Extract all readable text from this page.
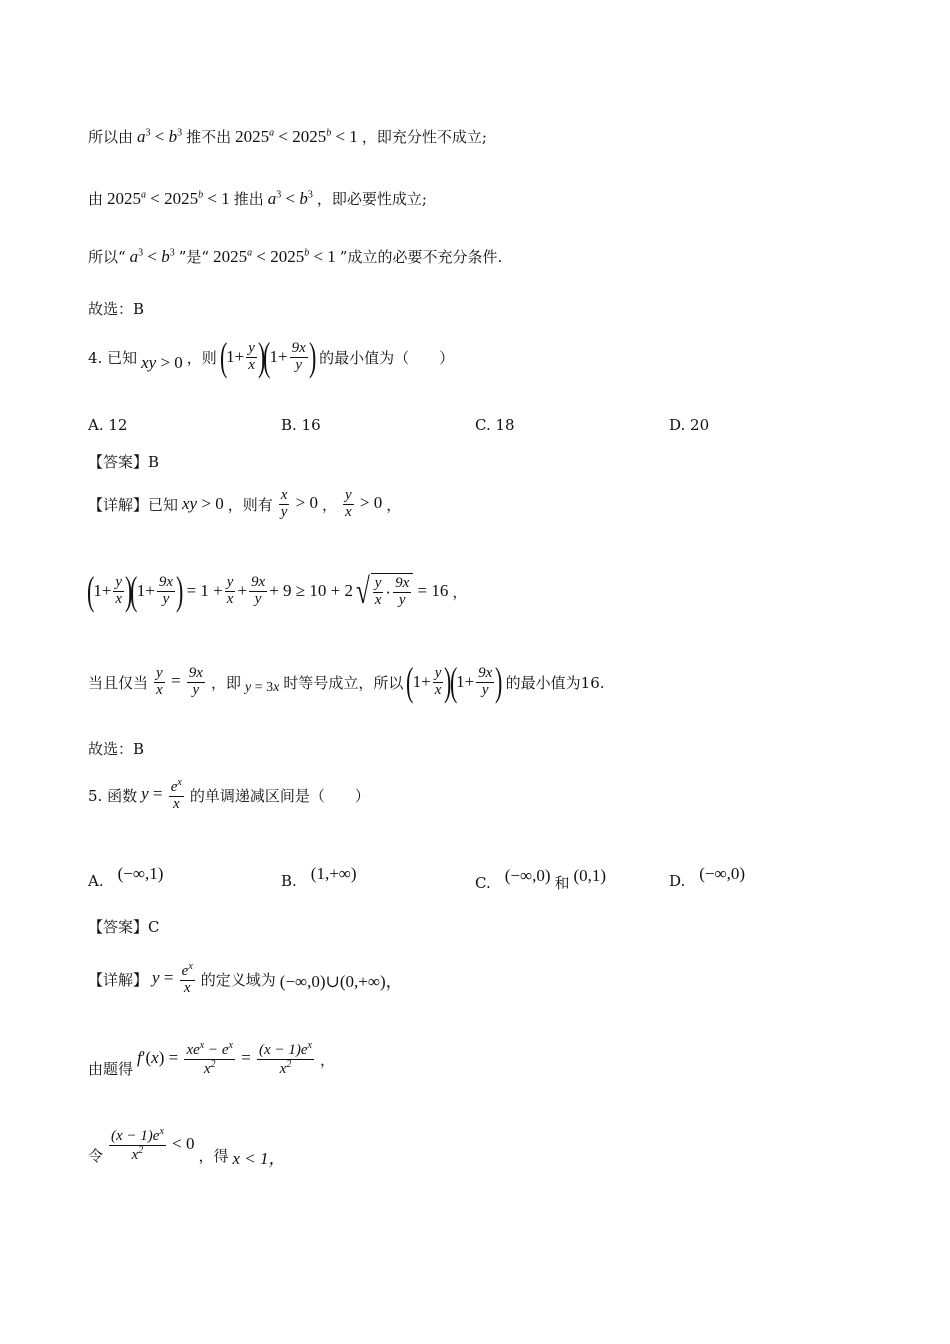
所以由 $a^3 < b^3$ 推不出 $2025^a < 2025^b < 1$ ，即充分性不成立;
由 $2025^a < 2025^b < 1$ 推出 $a^3 < b^3$ ，即必要性成立;
所以“ $a^3 < b^3$ ”是“ $2025^a < 2025^b < 1$ ”成立的必要不充分条件.
故选：B
4. 已知 xy > 0 ，则 (
$1+ \frac{y}{x}$ )
(
$1+ \frac{9x}{y}$ ) 的最小值为（　　）
A. 12	B. 16	C. 18	D. 20
【答案】B
【详解】已知 xy > 0 ，则有 $\frac{x}{y} > 0$ ， $\frac{y}{x} > 0$ ，
(
$1+ \frac{y}{x}$ )
(
$1+ \frac{9x}{y}$ )
= $1 + \frac{y}{x} + \frac{9x}{y} + 9 \ge 10 + 2$ √ $\frac{y}{x} \cdot \frac{9x}{y} = 16$ ，
当且仅当 $\frac{y}{x} = \frac{9x}{y}$ ，即 y = 3x 时等号成立，所以 (
$1+ \frac{y}{x}$ )
(
$1+ \frac{9x}{y}$ ) 的最小值为16.
故选：B
5. 函数 $y = \frac{e^x}{x}$ 的单调递减区间是（　　）
A. (−∞,1)	B. (1,+∞)	C. (−∞,0) 和 (0,1)	D. (−∞,0)
【答案】C
【详解】 $y = \frac{e^x}{x}$ 的定义域为 (−∞,0)∪(0,+∞)，
由题得
$f'(x) = \frac{xe^x - e^x}{x^2} = \frac{(x - 1)e^x}{x^2}$ ，
令 $\frac{(x - 1)e^x}{x^2} < 0$
，得 x < 1，
